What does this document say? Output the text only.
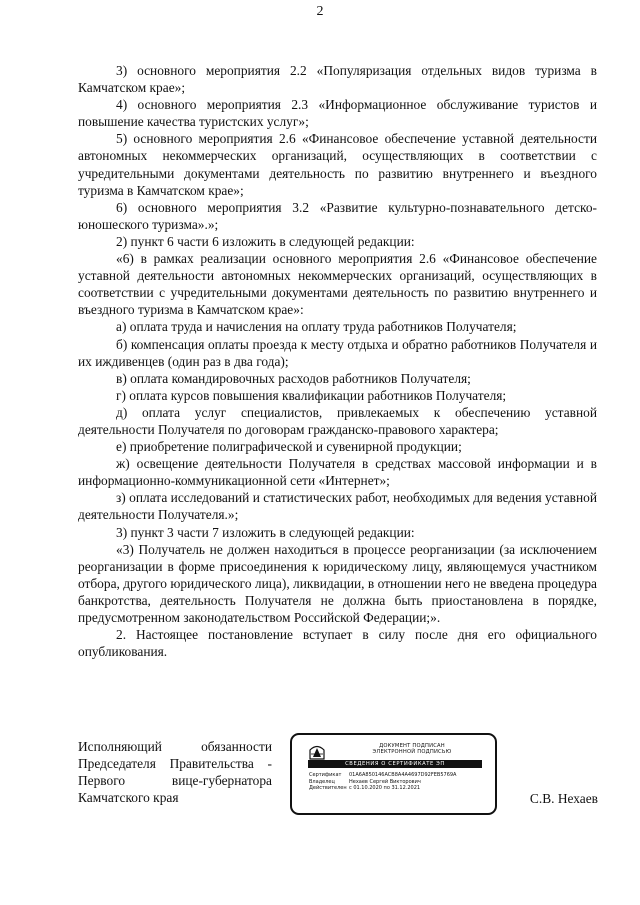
2

3) основного мероприятия 2.2 «Популяризация отдельных видов туризма в Камчатском крае»;

4) основного мероприятия 2.3 «Информационное обслуживание туристов и повышение качества туристских услуг»;

5) основного мероприятия 2.6 «Финансовое обеспечение уставной деятельности автономных некоммерческих организаций, осуществляющих в соответствии с учредительными документами деятельность по развитию внутреннего и въездного туризма в Камчатском крае»;

6) основного мероприятия 3.2 «Развитие культурно-познавательного детско-юношеского туризма».»;

2) пункт 6 части 6 изложить в следующей редакции:

«6) в рамках реализации основного мероприятия 2.6 «Финансовое обеспечение уставной деятельности автономных некоммерческих организаций, осуществляющих в соответствии с учредительными документами деятельность по развитию внутреннего и въездного туризма в Камчатском крае»:

а) оплата труда и начисления на оплату труда работников Получателя;

б) компенсация оплаты проезда к месту отдыха и обратно работников Получателя и их иждивенцев (один раз в два года);

в) оплата командировочных расходов работников Получателя;

г) оплата курсов повышения квалификации работников Получателя;

д) оплата услуг специалистов, привлекаемых к обеспечению уставной деятельности Получателя по договорам гражданско-правового характера;

е) приобретение полиграфической и сувенирной продукции;

ж) освещение деятельности Получателя в средствах массовой информации и в информационно-коммуникационной сети «Интернет»;

з) оплата исследований и статистических работ, необходимых для ведения уставной деятельности Получателя.»;

3) пункт 3 части 7 изложить в следующей редакции:

«3) Получатель не должен находиться в процессе реорганизации (за исключением реорганизации в форме присоединения к юридическому лицу, являющемуся участником отбора, другого юридического лица), ликвидации, в отношении него не введена процедура банкротства, деятельность Получателя не должна быть приостановлена в порядке, предусмотренном законодательством Российской Федерации;».

2. Настоящее постановление вступает в силу после дня его официального опубликования.

Исполняющий обязанности
Председателя Правительства -
Первого вице-губернатора
Камчатского края
ДОКУМЕНТ ПОДПИСАН
ЭЛЕКТРОННОЙ ПОДПИСЬЮ
СВЕДЕНИЯ О СЕРТИФИКАТЕ ЭП
Сертификат	01A6A850146ACB8A4A4697D92FEB5769A
Владелец	Нехаев Сергей Викторович
Действителен с 01.10.2020 по 31.12.2021
С.В. Нехаев
